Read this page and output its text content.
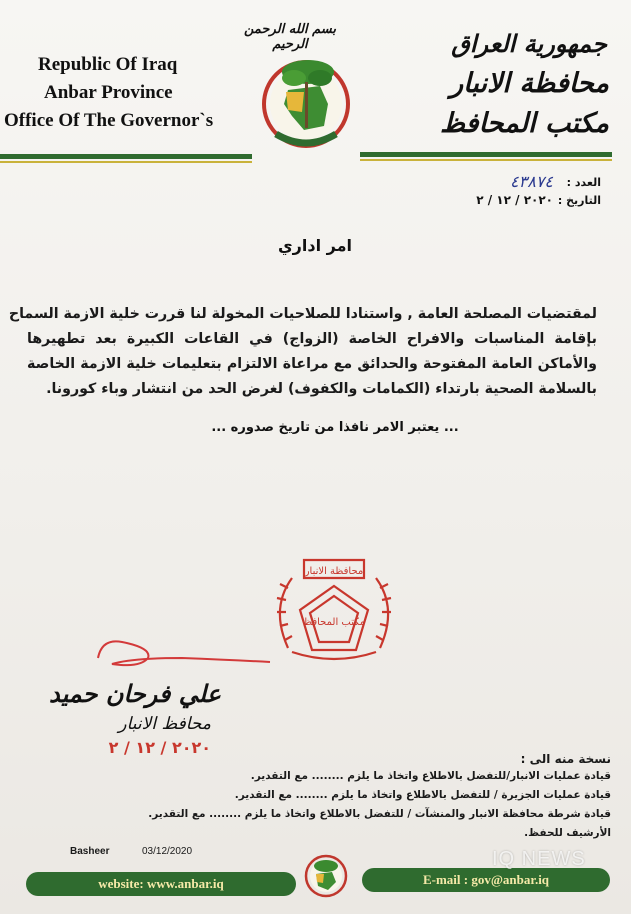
Republic Of Iraq
Anbar Province
Office Of The Governor`s
بسم الله الرحمن الرحيم	جمهورية العراق
محافظة الانبار
مكتب المحافظ
العدد :
٤٣٨٧٤
التاريخ :
٢٠٢٠ / ١٢ / ٢
امر اداري
لمقتضيات المصلحة العامة , واستنادا للصلاحيات المخولة لنا قررت خلية الازمة السماح
بإقامة المناسبات والافراح الخاصة (الزواج) في القاعات الكبيرة بعد تطهيرها
والأماكن العامة المفتوحة والحدائق مع مراعاة الالتزام بتعليمات خلية الازمة الخاصة
بالسلامة الصحية بارتداء (الكمامات والكفوف) لغرض الحد من انتشار وباء كورونا.
... يعتبر الامر نافذا من تاريخ صدوره ...
محافظة الانبار
مكتب المحافظ
علي فرحان حميد
محافظ الانبار
٢٠٢٠ / ١٢ / ٢
نسخة منه الى :
قيادة عمليات الانبار/للتفضل بالاطلاع واتخاذ ما يلزم ........ مع التقدير.
قيادة عمليات الجزيرة / للتفضل بالاطلاع واتخاذ ما يلزم ........ مع التقدير.
قيادة شرطة محافظة الانبار والمنشآت / للتفضل بالاطلاع واتخاذ ما يلزم ........ مع التقدير.
الأرشيف للحفظ.
Basheer	03/12/2020
website: www.anbar.iq	E-mail : gov@anbar.iq
IQ NEWS
